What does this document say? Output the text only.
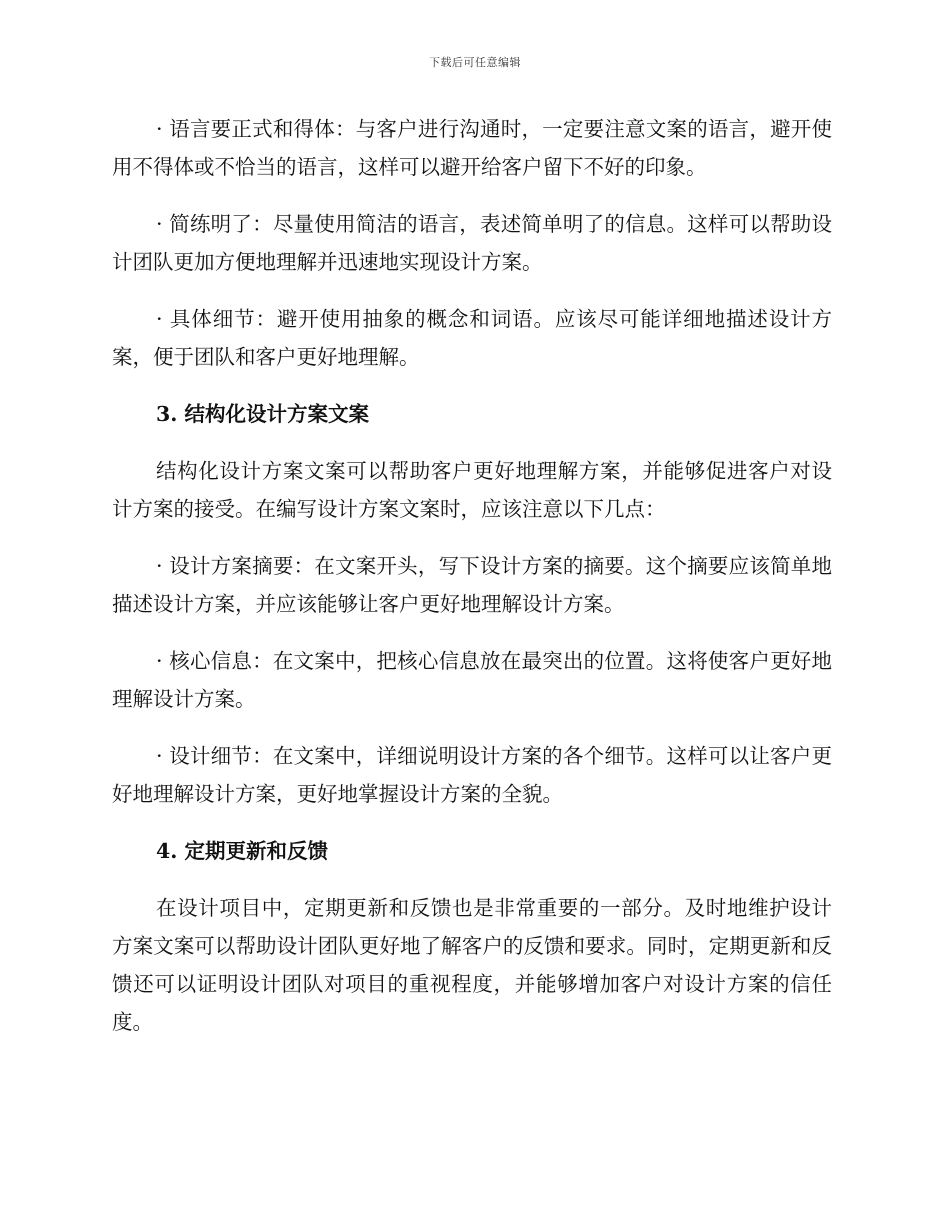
下载后可任意编辑

· 语言要正式和得体：与客户进行沟通时，一定要注意文案的语言，避开使用不得体或不恰当的语言，这样可以避开给客户留下不好的印象。

· 简练明了：尽量使用简洁的语言，表述简单明了的信息。这样可以帮助设计团队更加方便地理解并迅速地实现设计方案。

· 具体细节：避开使用抽象的概念和词语。应该尽可能详细地描述设计方案，便于团队和客户更好地理解。

3. 结构化设计方案文案

结构化设计方案文案可以帮助客户更好地理解方案，并能够促进客户对设计方案的接受。在编写设计方案文案时，应该注意以下几点：

· 设计方案摘要：在文案开头，写下设计方案的摘要。这个摘要应该简单地描述设计方案，并应该能够让客户更好地理解设计方案。

· 核心信息：在文案中，把核心信息放在最突出的位置。这将使客户更好地理解设计方案。

· 设计细节：在文案中，详细说明设计方案的各个细节。这样可以让客户更好地理解设计方案，更好地掌握设计方案的全貌。

4. 定期更新和反馈

在设计项目中，定期更新和反馈也是非常重要的一部分。及时地维护设计方案文案可以帮助设计团队更好地了解客户的反馈和要求。同时，定期更新和反馈还可以证明设计团队对项目的重视程度，并能够增加客户对设计方案的信任度。
